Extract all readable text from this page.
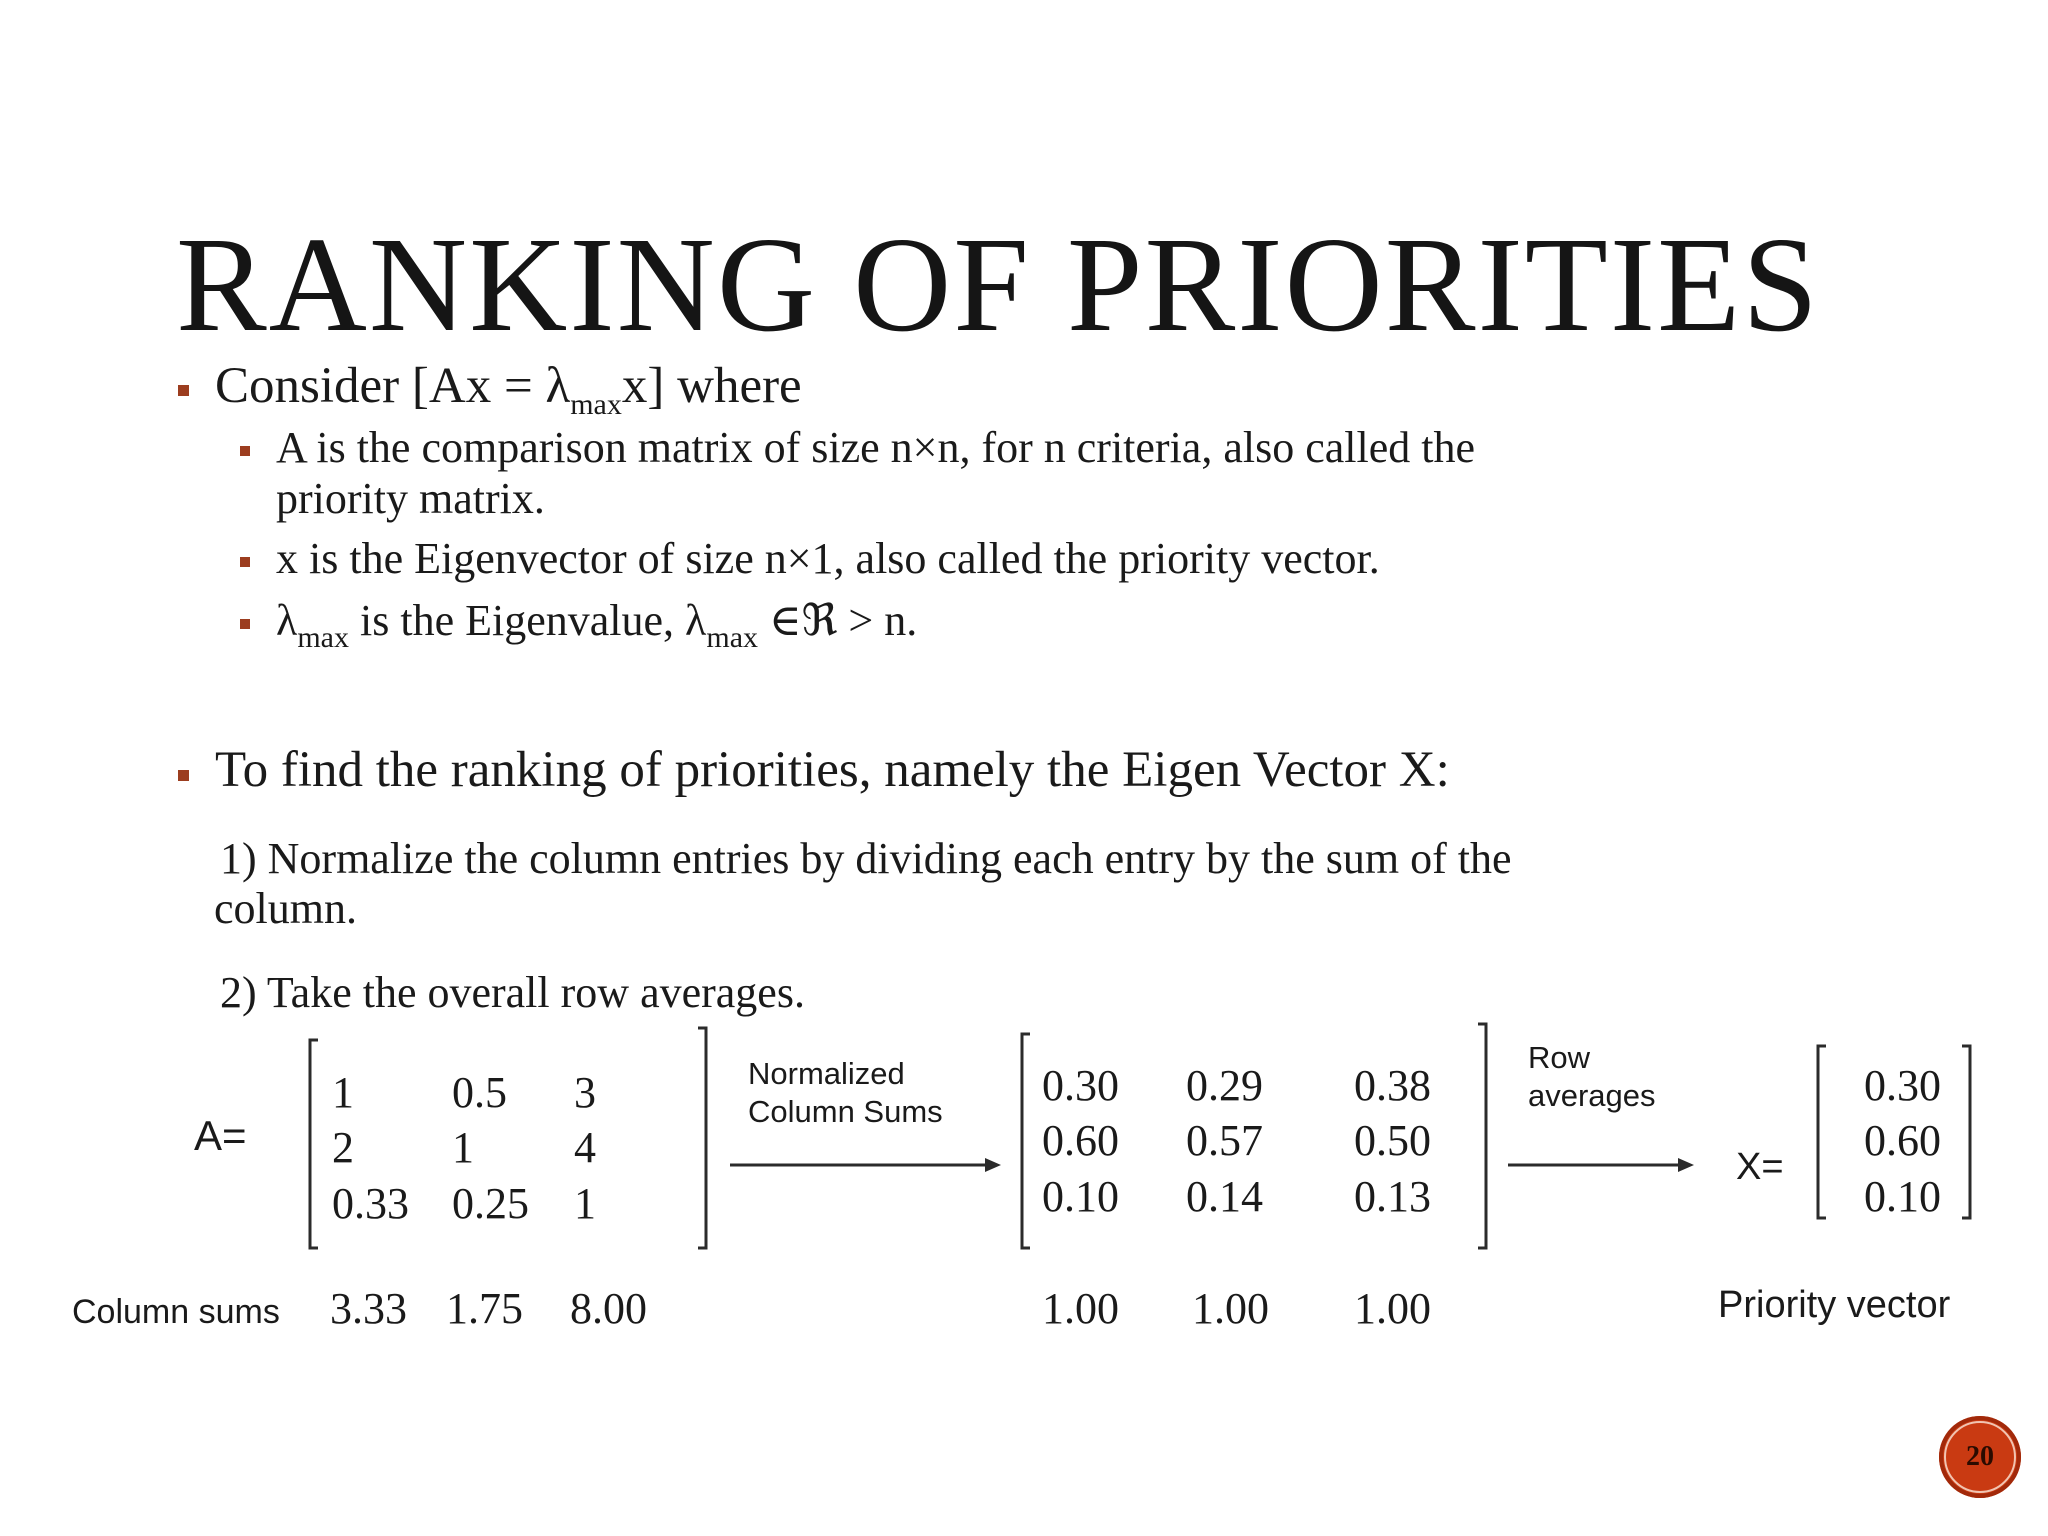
RANKING OF PRIORITIES
Consider $[Ax = \lambda_{max}x]$ where
A is the comparison matrix of size n×n, for n criteria, also called the
priority matrix.
x is the Eigenvector of size n×1, also called the priority vector.
$\lambda_{max}$ is the Eigenvalue, $\lambda_{max}$ ∈ℜ > n.
To find the ranking of priorities, namely the Eigen Vector X:
1) Normalize the column entries by dividing each entry by the sum of the
column.
2) Take the overall row averages.
A=
1 0.5 3
2 1 4
0.33 0.25 1
Column sums 3.33 1.75 8.00
Normalized
Column Sums
0.30 0.29 0.38
0.60 0.57 0.50
0.10 0.14 0.13
1.00 1.00 1.00
Row
averages
X=
0.30
0.60
0.10
Priority vector
20
